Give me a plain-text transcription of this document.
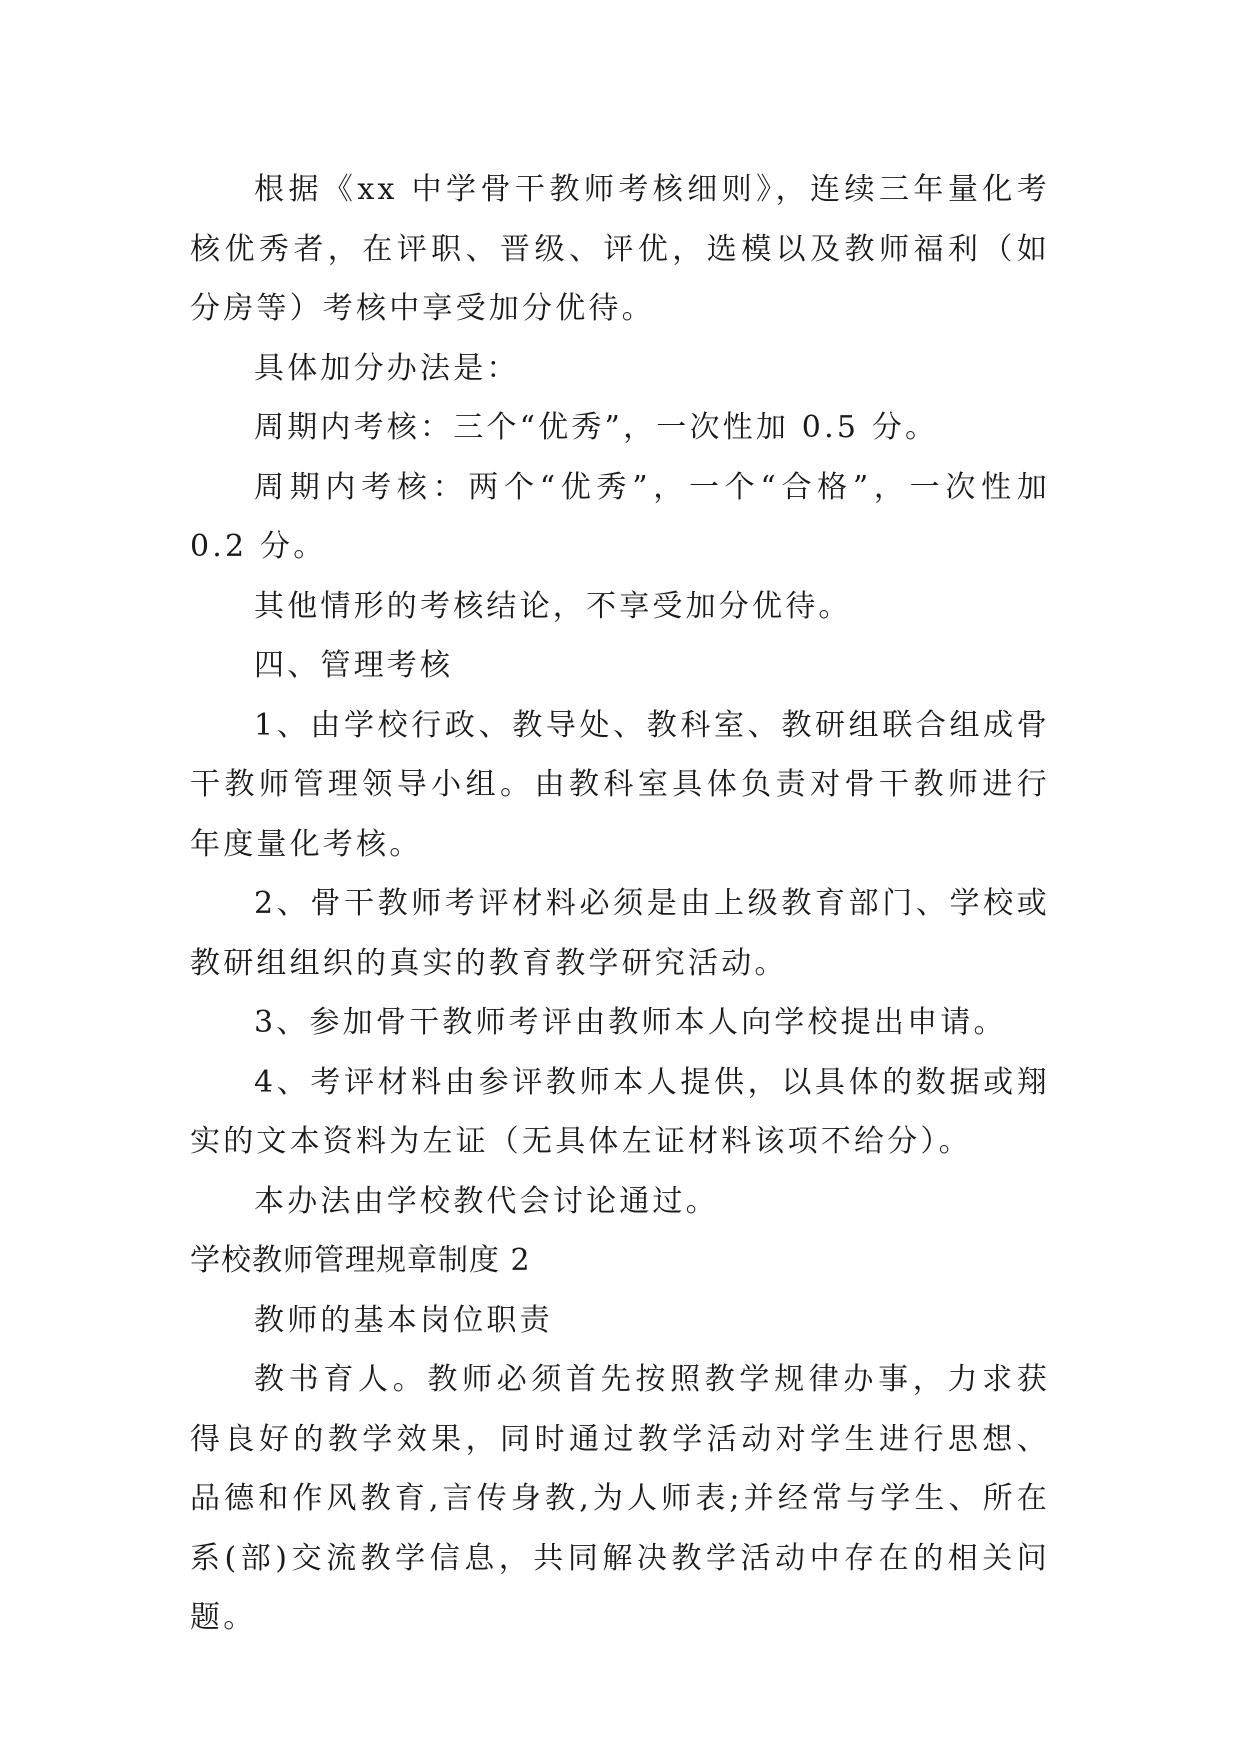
根据《xx 中学骨干教师考核细则》，连续三年量化考核优秀者，在评职、晋级、评优，选模以及教师福利（如分房等）考核中享受加分优待。

具体加分办法是：

周期内考核：三个“优秀”，一次性加 0.5 分。

周期内考核：两个“优秀”，一个“合格”，一次性加 0.2 分。

其他情形的考核结论，不享受加分优待。

四、管理考核

1、由学校行政、教导处、教科室、教研组联合组成骨干教师管理领导小组。由教科室具体负责对骨干教师进行年度量化考核。

2、骨干教师考评材料必须是由上级教育部门、学校或教研组组织的真实的教育教学研究活动。

3、参加骨干教师考评由教师本人向学校提出申请。

4、考评材料由参评教师本人提供，以具体的数据或翔实的文本资料为左证（无具体左证材料该项不给分）。

本办法由学校教代会讨论通过。

学校教师管理规章制度 2

教师的基本岗位职责

教书育人。教师必须首先按照教学规律办事，力求获得良好的教学效果，同时通过教学活动对学生进行思想、品德和作风教育,言传身教,为人师表;并经常与学生、所在系(部)交流教学信息，共同解决教学活动中存在的相关问题。
